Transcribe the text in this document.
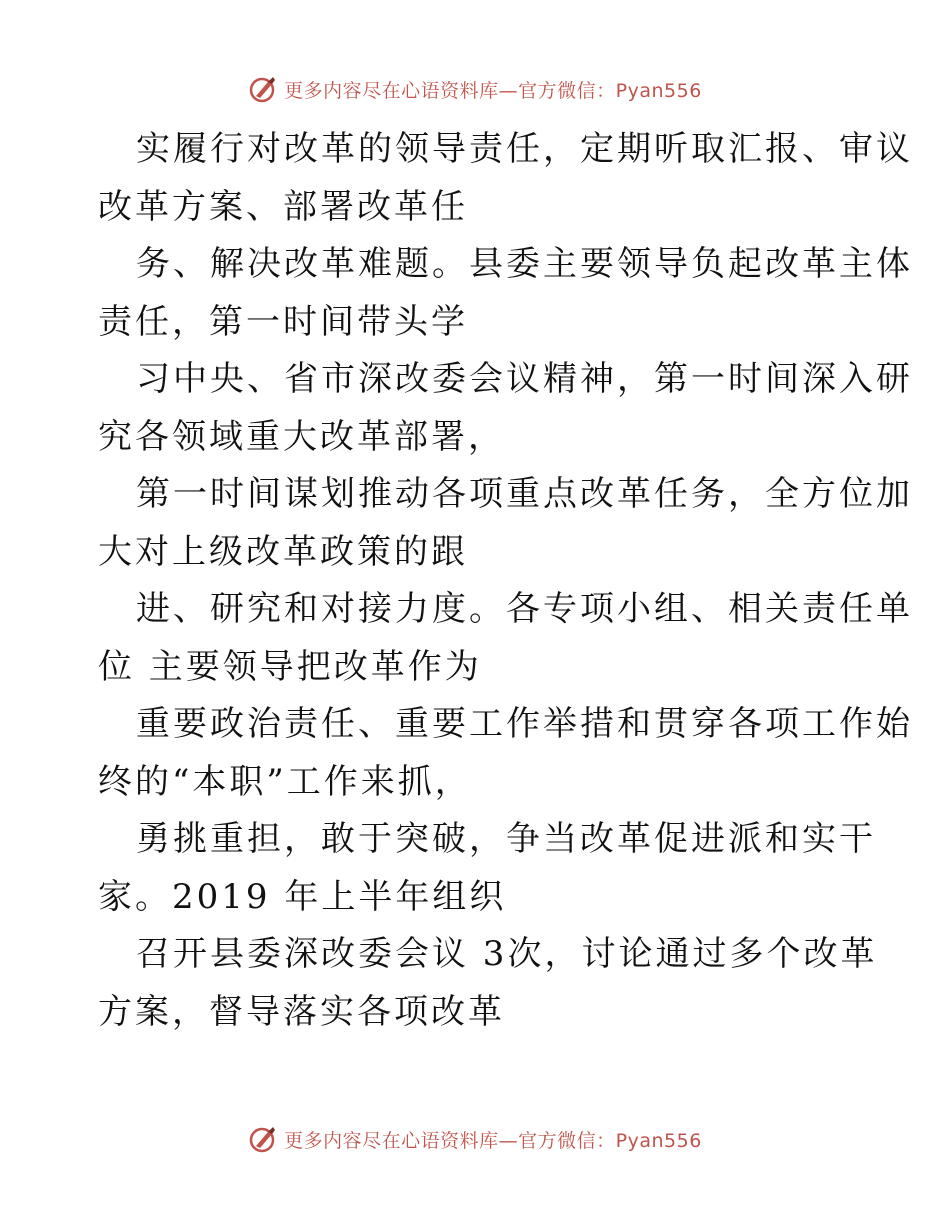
更多内容尽在心语资料库—官方微信：Pyan556
实履行对改革的领导责任，定期听取汇报、审议
改革方案、部署改革任
务、解决改革难题。县委主要领导负起改革主体
责任，第一时间带头学
习中央、省市深改委会议精神，第一时间深入研
究各领域重大改革部署，
第一时间谋划推动各项重点改革任务，全方位加
大对上级改革政策的跟
进、研究和对接力度。各专项小组、相关责任单
位 主要领导把改革作为
重要政治责任、重要工作举措和贯穿各项工作始
终的“本职”工作来抓，
勇挑重担，敢于突破，争当改革促进派和实干
家。2019 年上半年组织
召开县委深改委会议 3次，讨论通过多个改革
方案，督导落实各项改革
更多内容尽在心语资料库—官方微信：Pyan556
